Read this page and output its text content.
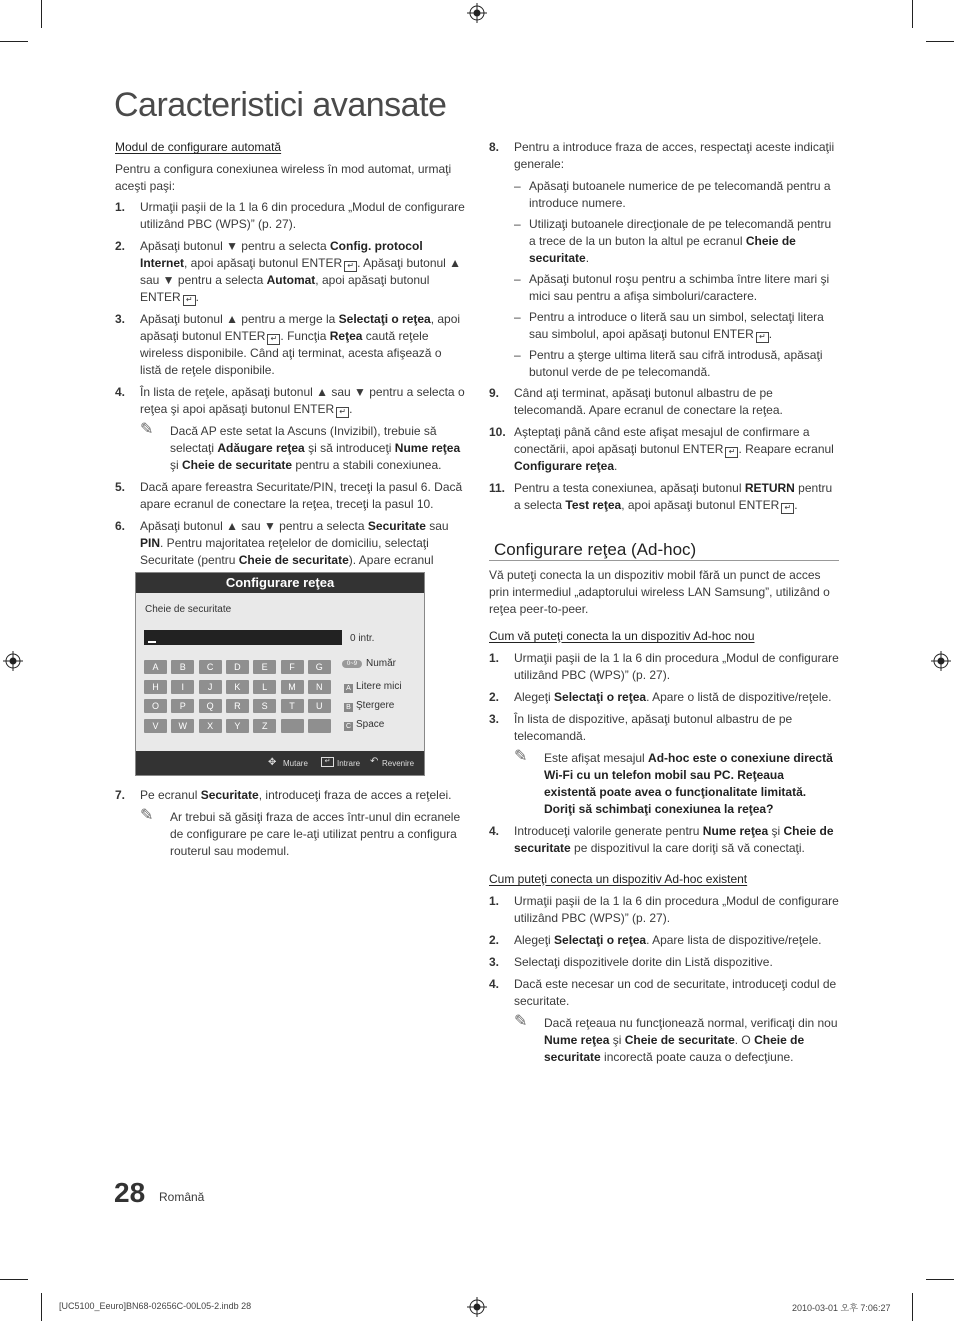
Caracteristici avansate

Modul de configurare automată

Pentru a configura conexiunea wireless în mod automat, urmaţi aceşti paşi:

1.	Urmaţii paşii de la 1 la 6 din procedura „Modul de configurare utilizând PBC (WPS)” (p. 27).
2.	Apăsaţi butonul ▼ pentru a selecta Config. protocol Internet, apoi apăsaţi butonul ENTER ↵ . Apăsaţi butonul ▲ sau ▼ pentru a selecta Automat, apoi apăsaţi butonul ENTER ↵ .
3.	Apăsaţi butonul ▲ pentru a merge la Selectaţi o reţea, apoi apăsaţi butonul ENTER ↵ . Funcţia Reţea caută reţele wireless disponibile. Când aţi terminat, acesta afişează o listă de reţele disponibile.
4.	În lista de reţele, apăsaţi butonul ▲ sau ▼ pentru a selecta o reţea şi apoi apăsaţi butonul ENTER ↵ .
✎	Dacă AP este setat la Ascuns (Invizibil), trebuie să selectaţi Adăugare reţea şi să introduceţi Nume reţea şi Cheie de securitate pentru a stabili conexiunea.
5.	Dacă apare fereastra Securitate/PIN, treceţi la pasul 6. Dacă apare ecranul de conectare la reţea, treceţi la pasul 10.
6.	Apăsaţi butonul ▲ sau ▼ pentru a selecta Securitate sau PIN. Pentru majoritatea reţelelor de domiciliu, selectaţi Securitate (pentru Cheie de securitate). Apare ecranul
Configurare reţea
Cheie de securitate
0 intr.
A	B	C	D	E	F	G
H	I	J	K	L	M	N
O	P	Q	R	S	T	U
V	W	X	Y	Z
0~9 Număr
A Litere mici
B Ştergere
C Space
✥ Mutare	↵ Intrare ↶ Revenire
7.	Pe ecranul Securitate, introduceţi fraza de acces a reţelei.
✎	Ar trebui să găsiţi fraza de acces într-unul din ecranele de configurare pe care le-aţi utilizat pentru a configura routerul sau modemul.
8.	Pentru a introduce fraza de acces, respectaţi aceste indicaţii generale:
– Apăsaţi butoanele numerice de pe telecomandă pentru a introduce numere.
– Utilizaţi butoanele direcţionale de pe telecomandă pentru a trece de la un buton la altul pe ecranul Cheie de securitate.
– Apăsaţi butonul roşu pentru a schimba între litere mari şi mici sau pentru a afişa simboluri/caractere.
– Pentru a introduce o literă sau un simbol, selectaţi litera sau simbolul, apoi apăsaţi butonul ENTER ↵ .
– Pentru a şterge ultima literă sau cifră introdusă, apăsaţi butonul verde de pe telecomandă.
9.	Când aţi terminat, apăsaţi butonul albastru de pe telecomandă. Apare ecranul de conectare la reţea.
10. Aşteptaţi până când este afişat mesajul de confirmare a conectării, apoi apăsaţi butonul ENTER ↵ . Reapare ecranul Configurare reţea.
11. Pentru a testa conexiunea, apăsaţi butonul RETURN pentru a selecta Test reţea, apoi apăsaţi butonul ENTER ↵ .
Configurare reţea (Ad-hoc)

Vă puteţi conecta la un dispozitiv mobil fără un punct de acces prin intermediul „adaptorului wireless LAN Samsung”, utilizând o reţea peer-to-peer.

Cum vă puteţi conecta la un dispozitiv Ad-hoc nou

1.	Urmaţii paşii de la 1 la 6 din procedura „Modul de configurare utilizând PBC (WPS)” (p. 27).
2.	Alegeţi Selectaţi o reţea. Apare o listă de dispozitive/reţele.
3.	În lista de dispozitive, apăsaţi butonul albastru de pe telecomandă.
✎	Este afişat mesajul Ad-hoc este o conexiune directă Wi-Fi cu un telefon mobil sau PC. Reţeaua existentă poate avea o funcţionalitate limitată. Doriţi să schimbaţi conexiunea la reţea?
4.	Introduceţi valorile generate pentru Nume reţea şi Cheie de securitate pe dispozitivul la care doriţi să vă conectaţi.

Cum puteţi conecta un dispozitiv Ad-hoc existent

1.	Urmaţii paşii de la 1 la 6 din procedura „Modul de configurare utilizând PBC (WPS)” (p. 27).
2.	Alegeţi Selectaţi o reţea. Apare lista de dispozitive/reţele.
3.	Selectaţi dispozitivele dorite din Listă dispozitive.
4.	Dacă este necesar un cod de securitate, introduceţi codul de securitate.
✎	Dacă reţeaua nu funcţionează normal, verificaţi din nou Nume reţea şi Cheie de securitate. O Cheie de securitate incorectă poate cauza o defecţiune.
28 Română
[UC5100_Eeuro]BN68-02656C-00L05-2.indb 28	2010-03-01 오후 7:06:27
